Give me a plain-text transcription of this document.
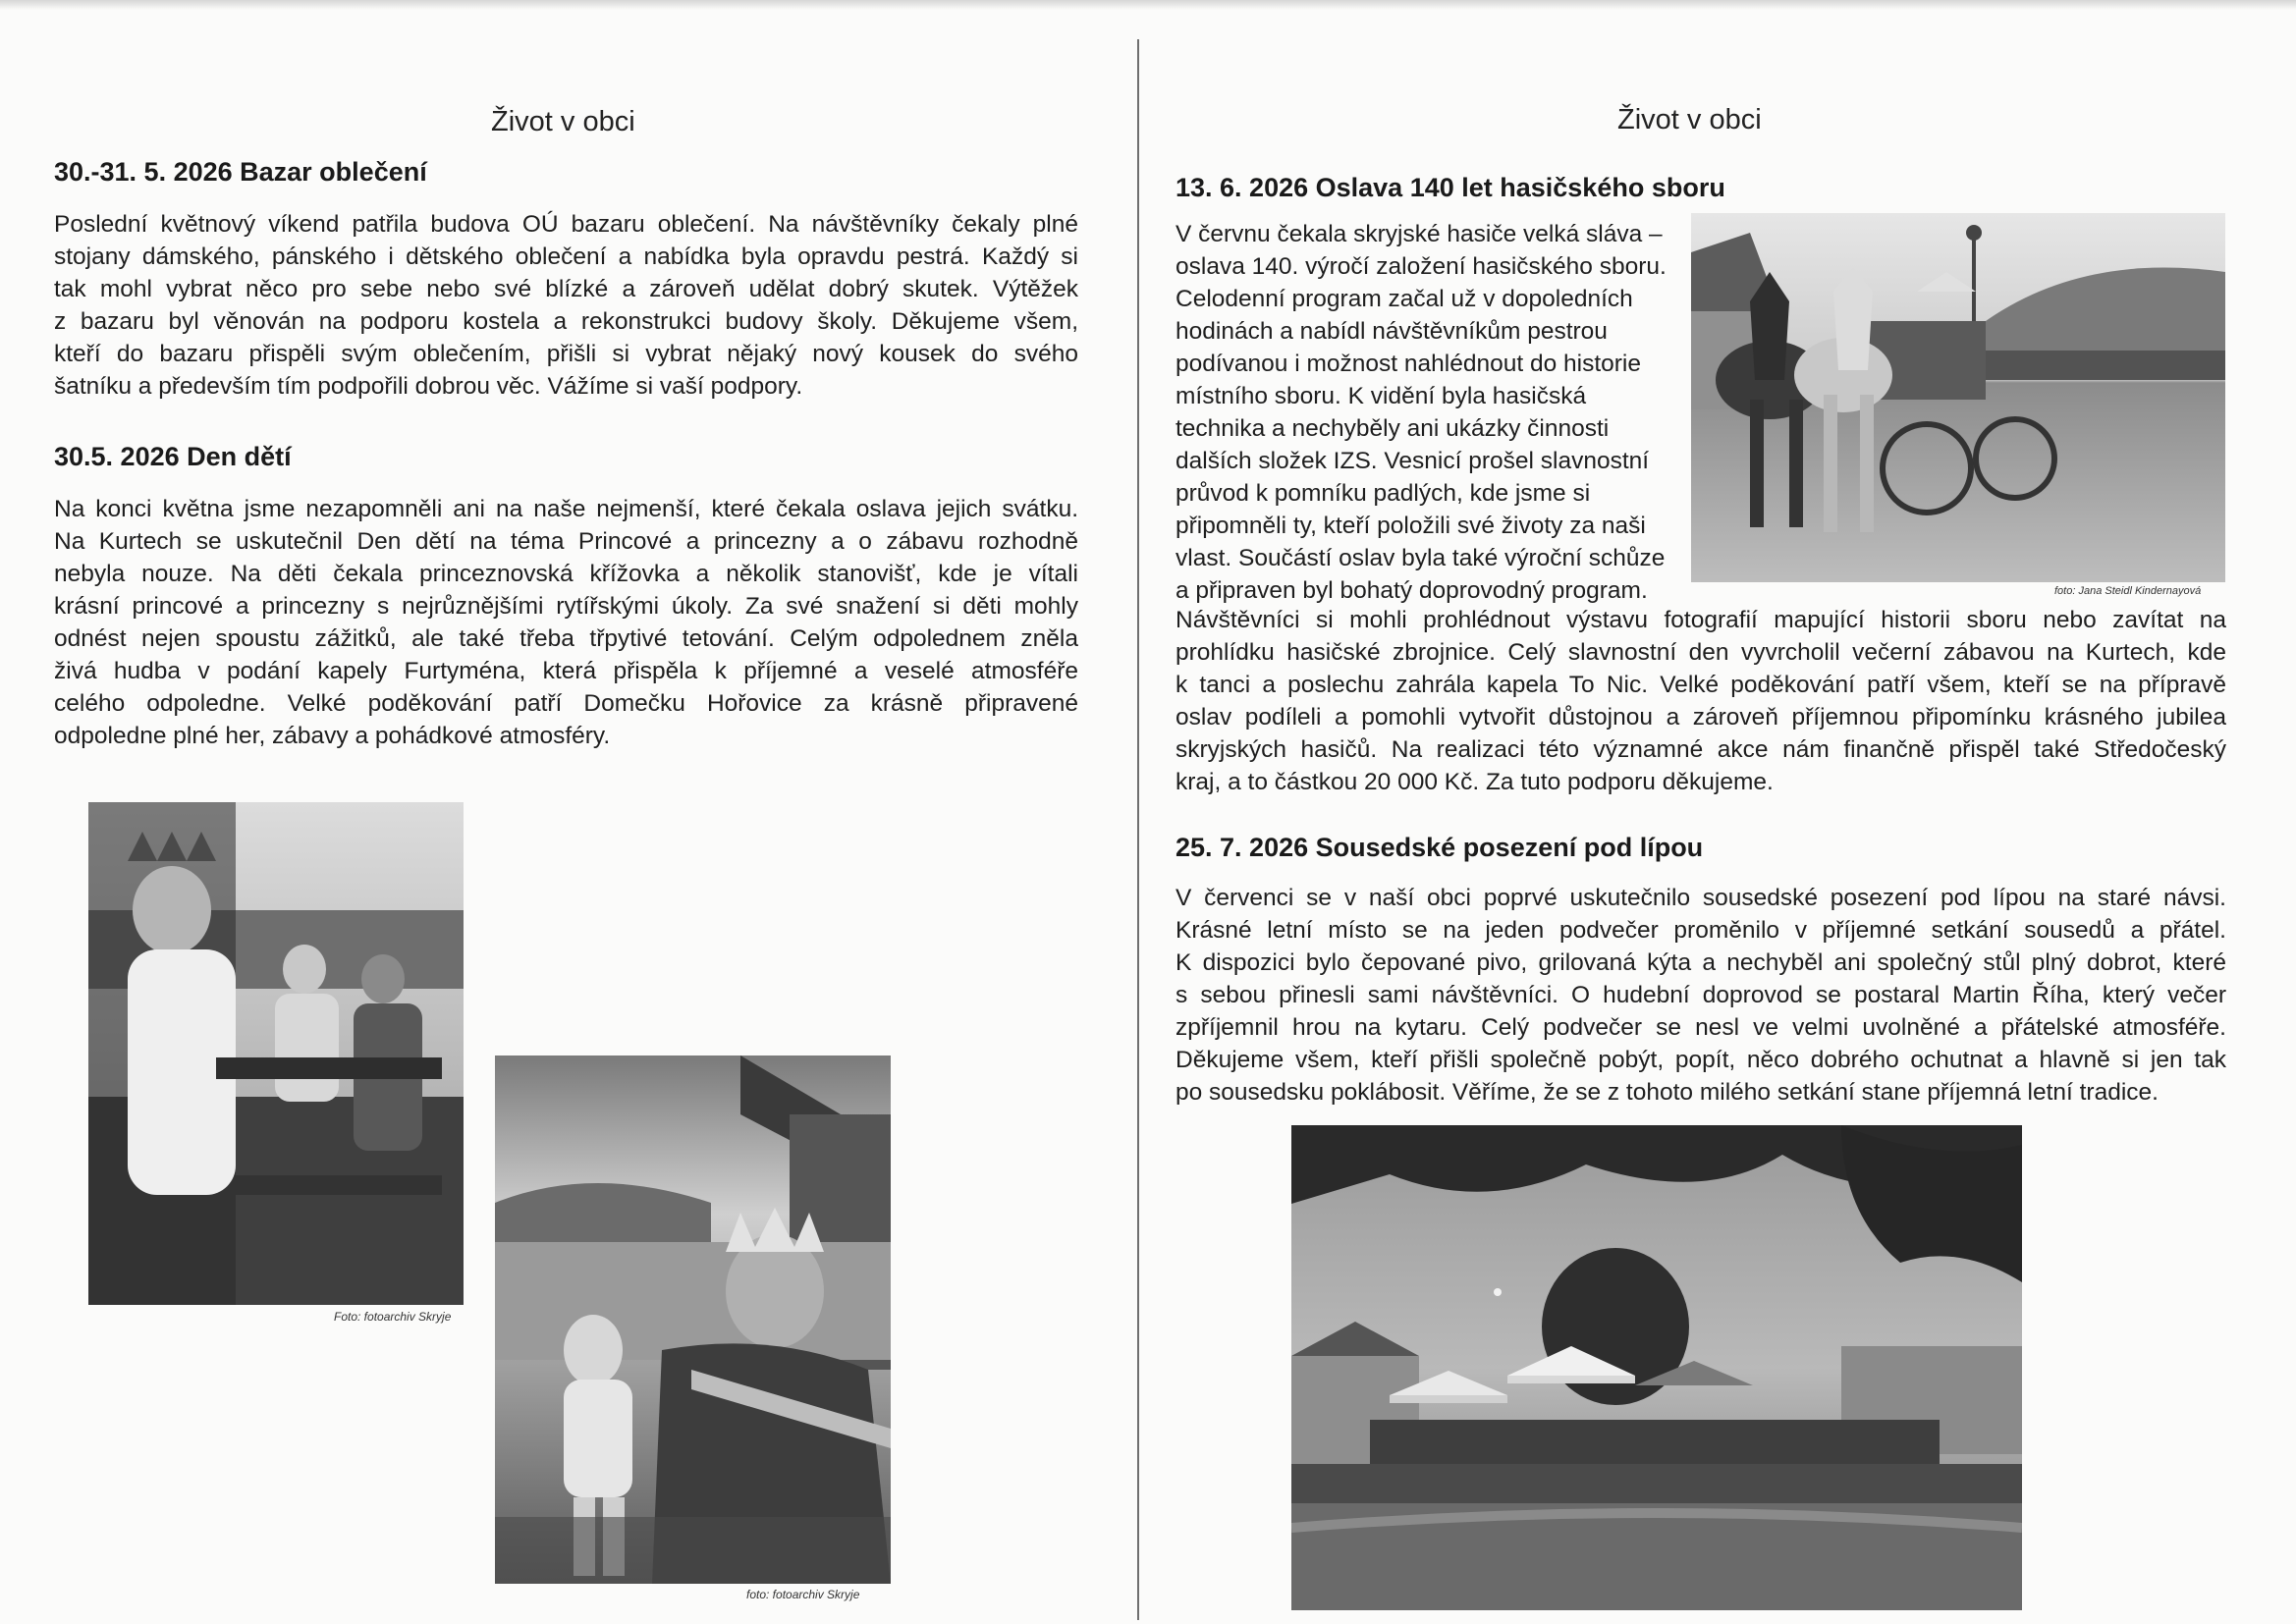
Život v obci
30.-31. 5. 2026 Bazar oblečení
Poslední květnový víkend patřila budova OÚ bazaru oblečení. Na návštěvníky čekaly plné
stojany dámského, pánského i dětského oblečení a nabídka byla opravdu pestrá. Každý si
tak mohl vybrat něco pro sebe nebo své blízké a zároveň udělat dobrý skutek. Výtěžek
z bazaru byl věnován na podporu kostela a rekonstrukci budovy školy. Děkujeme všem,
kteří do bazaru přispěli svým oblečením, přišli si vybrat nějaký nový kousek do svého
šatníku a především tím podpořili dobrou věc. Vážíme si vaší podpory.
30.5. 2026 Den dětí
Na konci května jsme nezapomněli ani na naše nejmenší, které čekala oslava jejich svátku.
Na Kurtech se uskutečnil Den dětí na téma Princové a princezny a o zábavu rozhodně
nebyla nouze. Na děti čekala princeznovská křížovka a několik stanovišť, kde je vítali
krásní princové a princezny s nejrůznějšími rytířskými úkoly. Za své snažení si děti mohly
odnést nejen spoustu zážitků, ale také třeba třpytivé tetování. Celým odpolednem zněla
živá hudba v podání kapely Furtyména, která přispěla k příjemné a veselé atmosféře
celého odpoledne. Velké poděkování patří Domečku Hořovice za krásně připravené
odpoledne plné her, zábavy a pohádkové atmosféry.
Foto: fotoarchiv Skryje
foto: fotoarchiv Skryje
Život v obci
13. 6. 2026 Oslava 140 let hasičského sboru
V červnu čekala skryjské hasiče velká sláva –
oslava 140. výročí založení hasičského sboru.
Celodenní program začal už v dopoledních
hodinách a nabídl návštěvníkům pestrou
podívanou i možnost nahlédnout do historie
místního sboru. K vidění byla hasičská
technika a nechyběly ani ukázky činnosti
dalších složek IZS. Vesnicí prošel slavnostní
průvod k pomníku padlých, kde jsme si
připomněli ty, kteří položili své životy za naši
vlast. Součástí oslav byla také výroční schůze
a připraven byl bohatý doprovodný program.	foto: Jana Steidl Kindernayová
Návštěvníci si mohli prohlédnout výstavu fotografií mapující historii sboru nebo zavítat na
prohlídku hasičské zbrojnice. Celý slavnostní den vyvrcholil večerní zábavou na Kurtech, kde
k tanci a poslechu zahrála kapela To Nic. Velké poděkování patří všem, kteří se na přípravě
oslav podíleli a pomohli vytvořit důstojnou a zároveň příjemnou připomínku krásného jubilea
skryjských hasičů. Na realizaci této významné akce nám finančně přispěl také Středočeský
kraj, a to částkou 20 000 Kč. Za tuto podporu děkujeme.
25. 7. 2026 Sousedské posezení pod lípou
V červenci se v naší obci poprvé uskutečnilo sousedské posezení pod lípou na staré návsi.
Krásné letní místo se na jeden podvečer proměnilo v příjemné setkání sousedů a přátel.
K dispozici bylo čepované pivo, grilovaná kýta a nechyběl ani společný stůl plný dobrot, které
s sebou přinesli sami návštěvníci. O hudební doprovod se postaral Martin Říha, který večer
zpříjemnil hrou na kytaru. Celý podvečer se nesl ve velmi uvolněné a přátelské atmosféře.
Děkujeme všem, kteří přišli společně pobýt, popít, něco dobrého ochutnat a hlavně si jen tak
po sousedsku poklábosit. Věříme, že se z tohoto milého setkání stane příjemná letní tradice.
